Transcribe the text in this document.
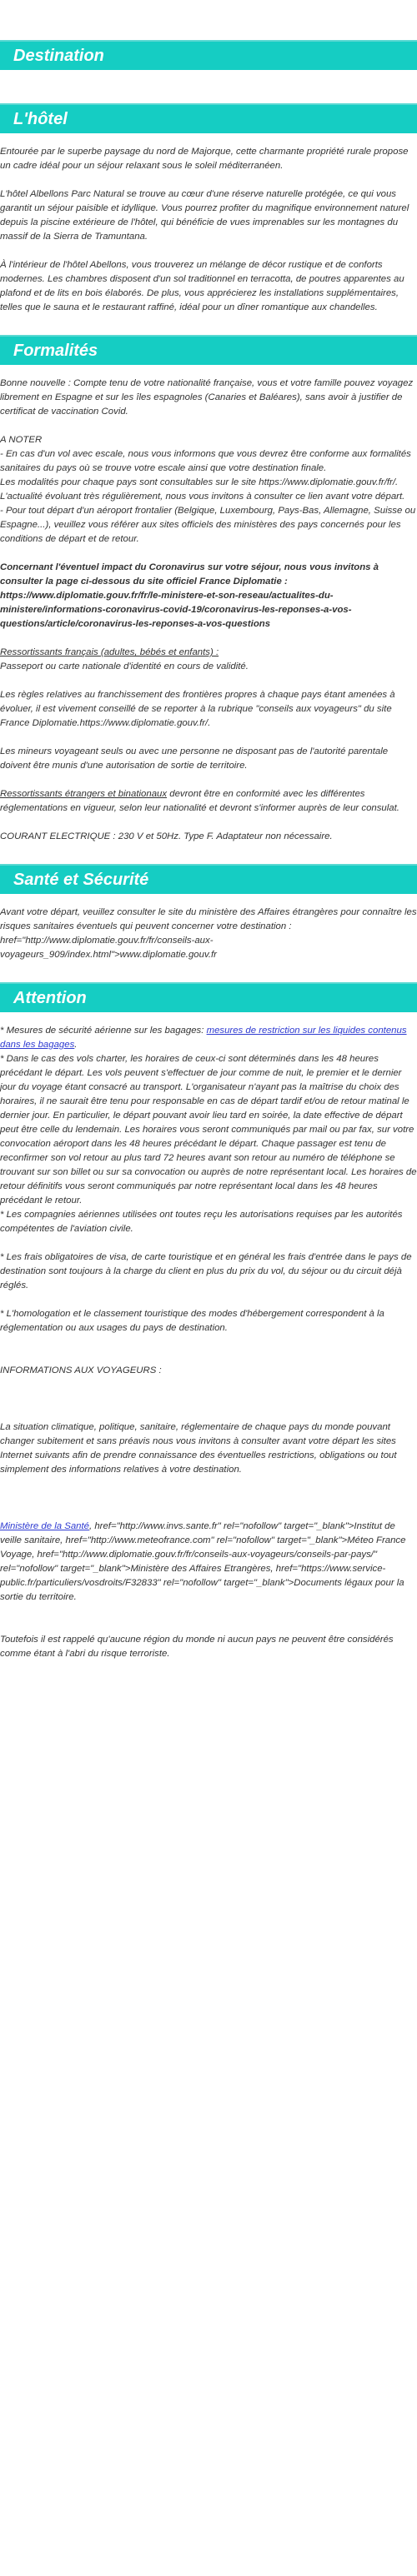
Destination
L'hôtel

Entourée par le superbe paysage du nord de Majorque, cette charmante propriété rurale propose un cadre idéal pour un séjour relaxant sous le soleil méditerranéen.

L'hôtel Albellons Parc Natural se trouve au cœur d'une réserve naturelle protégée, ce qui vous garantit un séjour paisible et idyllique. Vous pourrez profiter du magnifique environnement naturel depuis la piscine extérieure de l'hôtel, qui bénéficie de vues imprenables sur les montagnes du massif de la Sierra de Tramuntana.

À l'intérieur de l'hôtel Abellons, vous trouverez un mélange de décor rustique et de conforts modernes. Les chambres disposent d'un sol traditionnel en terracotta, de poutres apparentes au plafond et de lits en bois élaborés. De plus, vous apprécierez les installations supplémentaires, telles que le sauna et le restaurant raffiné, idéal pour un dîner romantique aux chandelles.

Formalités

Bonne nouvelle : Compte tenu de votre nationalité française, vous et votre famille pouvez voyagez librement en Espagne et sur les îles espagnoles (Canaries et Baléares), sans avoir à justifier de certificat de vaccination Covid.

A NOTER
- En cas d'un vol avec escale, nous vous informons que vous devrez être conforme aux formalités sanitaires du pays où se trouve votre escale ainsi que votre destination finale.
Les modalités pour chaque pays sont consultables sur le site https://www.diplomatie.gouv.fr/fr/. L'actualité évoluant très régulièrement, nous vous invitons à consulter ce lien avant votre départ.
- Pour tout départ d'un aéroport frontalier (Belgique, Luxembourg, Pays-Bas, Allemagne, Suisse ou Espagne...), veuillez vous référer aux sites officiels des ministères des pays concernés pour les conditions de départ et de retour.

Concernant l'éventuel impact du Coronavirus sur votre séjour, nous vous invitons à consulter la page ci-dessous du site officiel France Diplomatie : https://www.diplomatie.gouv.fr/fr/le-ministere-et-son-reseau/actualites-du-ministere/informations-coronavirus-covid-19/coronavirus-les-reponses-a-vos-questions/article/coronavirus-les-reponses-a-vos-questions

Ressortissants français (adultes, bébés et enfants) :
Passeport ou carte nationale d'identité en cours de validité.

Les règles relatives au franchissement des frontières propres à chaque pays étant amenées à évoluer, il est vivement conseillé de se reporter à la rubrique "conseils aux voyageurs" du site France Diplomatie.https://www.diplomatie.gouv.fr/.

Les mineurs voyageant seuls ou avec une personne ne disposant pas de l'autorité parentale doivent être munis d'une autorisation de sortie de territoire.

Ressortissants étrangers et binationaux devront être en conformité avec les différentes réglementations en vigueur, selon leur nationalité et devront s'informer auprès de leur consulat.

COURANT ELECTRIQUE : 230 V et 50Hz. Type F. Adaptateur non nécessaire.

Santé et Sécurité

Avant votre départ, veuillez consulter le site du ministère des Affaires étrangères pour connaître les risques sanitaires éventuels qui peuvent concerner votre destination : href="http://www.diplomatie.gouv.fr/fr/conseils-aux-voyageurs_909/index.html">www.diplomatie.gouv.fr

Attention

* Mesures de sécurité aérienne sur les bagages: mesures de restriction sur les liquides contenus dans les bagages.

* Dans le cas des vols charter, les horaires de ceux-ci sont déterminés dans les 48 heures précédant le départ. Les vols peuvent s'effectuer de jour comme de nuit, le premier et le dernier jour du voyage étant consacré au transport. L'organisateur n'ayant pas la maîtrise du choix des horaires, il ne saurait être tenu pour responsable en cas de départ tardif et/ou de retour matinal le dernier jour. En particulier, le départ pouvant avoir lieu tard en soirée, la date effective de départ peut être celle du lendemain. Les horaires vous seront communiqués par mail ou par fax, sur votre convocation aéroport dans les 48 heures précédant le départ. Chaque passager est tenu de reconfirmer son vol retour au plus tard 72 heures avant son retour au numéro de téléphone se trouvant sur son billet ou sur sa convocation ou auprès de notre représentant local. Les horaires de retour définitifs vous seront communiqués par notre représentant local dans les 48 heures précédant le retour.

* Les compagnies aériennes utilisées ont toutes reçu les autorisations requises par les autorités compétentes de l'aviation civile.

* Les frais obligatoires de visa, de carte touristique et en général les frais d'entrée dans le pays de destination sont toujours à la charge du client en plus du prix du vol, du séjour ou du circuit déjà réglés.

* L'homologation et le classement touristique des modes d'hébergement correspondent à la réglementation ou aux usages du pays de destination.

INFORMATIONS AUX VOYAGEURS :

La situation climatique, politique, sanitaire, réglementaire de chaque pays du monde pouvant changer subitement et sans préavis nous vous invitons à consulter avant votre départ les sites Internet suivants afin de prendre connaissance des éventuelles restrictions, obligations ou tout simplement des informations relatives à votre destination.

Ministère de la Santé, href="http://www.invs.sante.fr" rel="nofollow" target="_blank">Institut de veille sanitaire, href="http://www.meteofrance.com" rel="nofollow" target="_blank">Méteo France Voyage, href="http://www.diplomatie.gouv.fr/fr/conseils-aux-voyageurs/conseils-par-pays/" rel="nofollow" target="_blank">Ministère des Affaires Etrangères, href="https://www.service-public.fr/particuliers/vosdroits/F32833" rel="nofollow" target="_blank">Documents légaux pour la sortie du territoire.

Toutefois il est rappelé qu'aucune région du monde ni aucun pays ne peuvent être considérés comme étant à l'abri du risque terroriste.
